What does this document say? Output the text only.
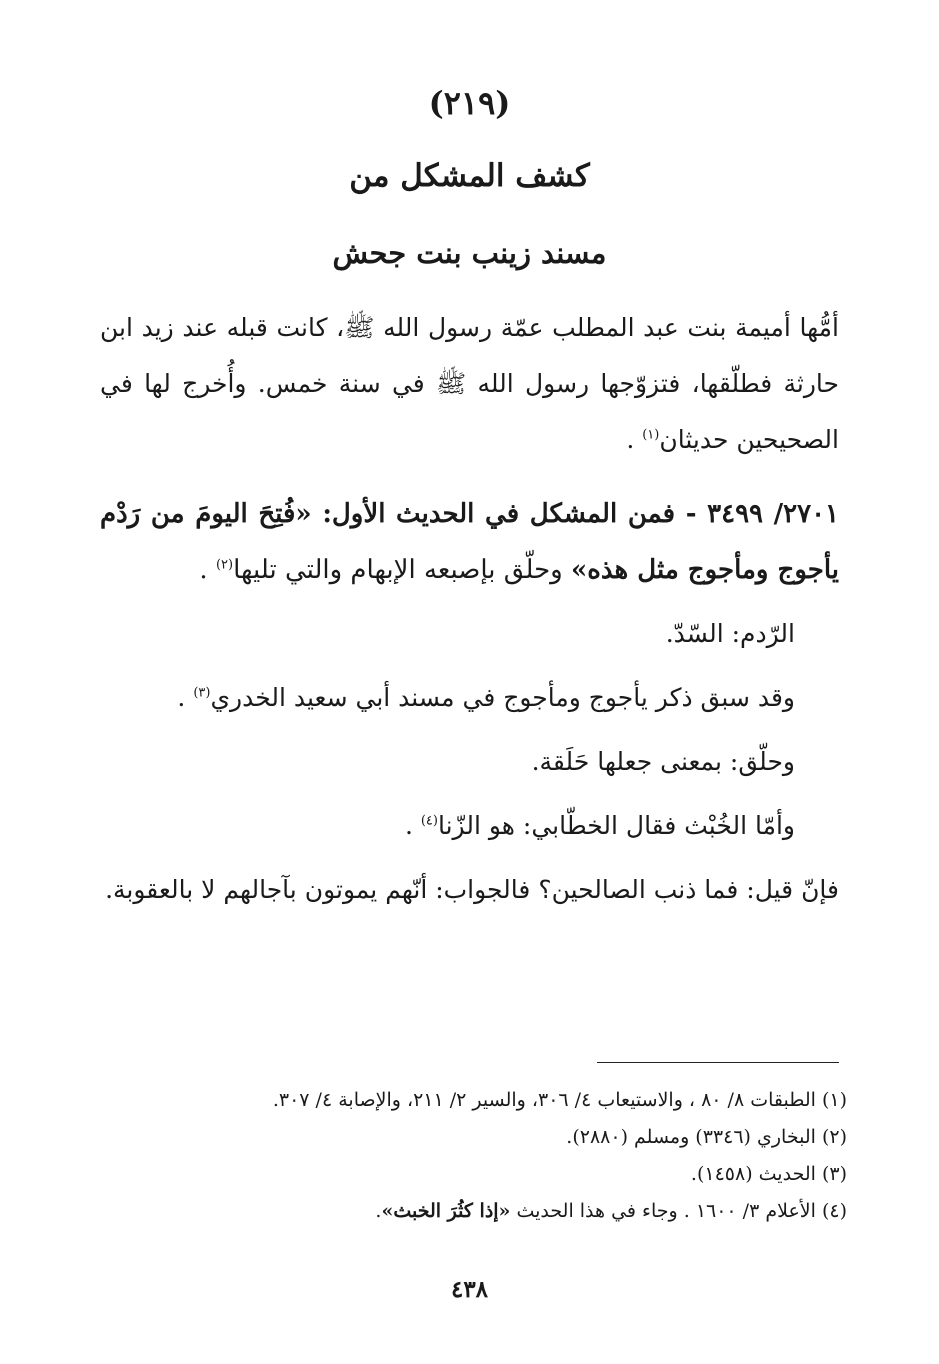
(٢١٩)
كشف المشكل من
مسند زينب بنت جحش

أمُّها أميمة بنت عبد المطلب عمّة رسول الله ﷺ، كانت قبله عند زيد ابن حارثة فطلّقها، فتزوّجها رسول الله ﷺ في سنة خمس. وأُخرج لها في الصحيحين حديثان$^{(١)}$ .

٢٧٠١/ ٣٤٩٩ - فمن المشكل في الحديث الأول: «فُتِحَ اليومَ من رَدْم يأجوج ومأجوج مثل هذه» وحلّق بإصبعه الإبهام والتي تليها$^{(٢)}$ .

الرّدم: السّدّ.

وقد سبق ذكر يأجوج ومأجوج في مسند أبي سعيد الخدري$^{(٣)}$ .

وحلّق: بمعنى جعلها حَلَقة.

وأمّا الخُبْث فقال الخطّابي: هو الزّنا$^{(٤)}$ .

فإنّ قيل: فما ذنب الصالحين؟ فالجواب: أنّهم يموتون بآجالهم لا بالعقوبة.

(١) الطبقات ٨/ ٨٠ ، والاستيعاب ٤/ ٣٠٦، والسير ٢/ ٢١١، والإصابة ٤/ ٣٠٧.

(٢) البخاري (٣٣٤٦) ومسلم (٢٨٨٠).

(٣) الحديث (١٤٥٨).

(٤) الأعلام ٣/ ١٦٠٠ . وجاء في هذا الحديث «إذا كثُرَ الخبث».

٤٣٨
